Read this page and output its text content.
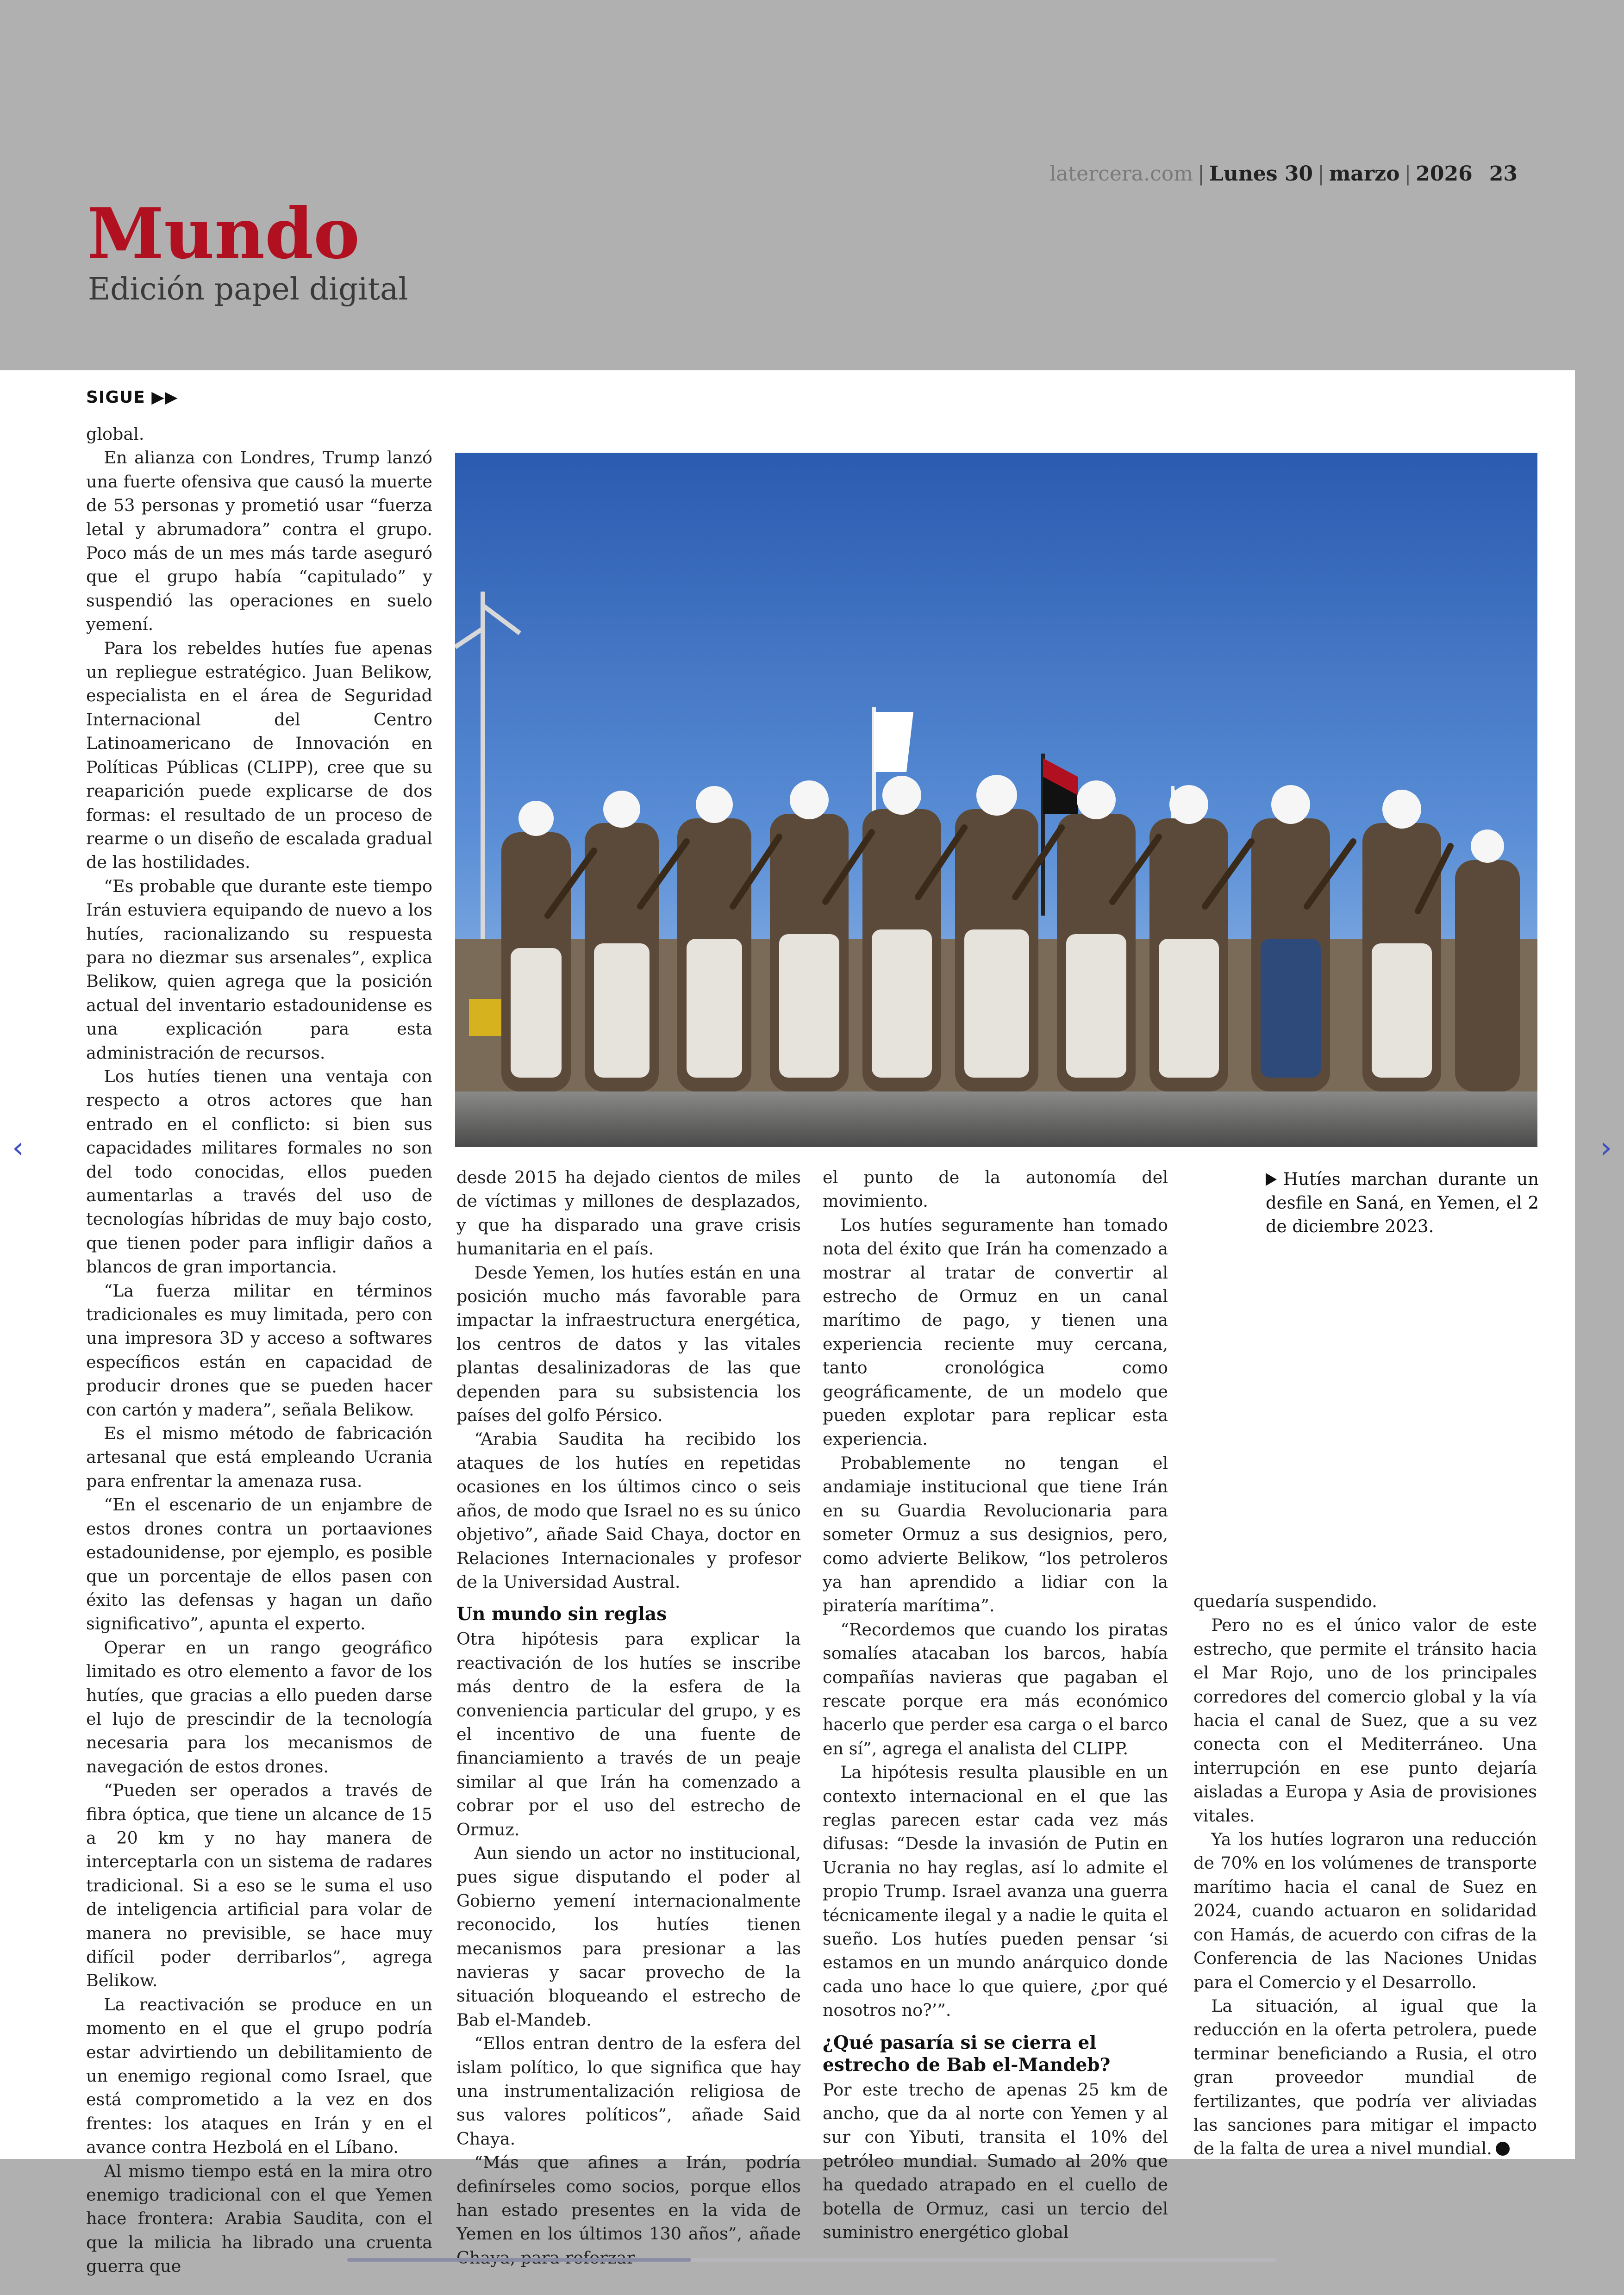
Mundo
Edición papel digital
latercera.com | Lunes 30 | marzo | 2026 23
SIGUE ▶▶

global.

En alianza con Londres, Trump lanzó una fuerte ofensiva que causó la muerte de 53 personas y prometió usar “fuerza letal y abrumadora” contra el grupo. Poco más de un mes más tarde aseguró que el grupo había “capitulado” y suspendió las operaciones en suelo yemení.

Para los rebeldes hutíes fue apenas un repliegue estratégico. Juan Belikow, especialista en el área de Seguridad Internacional del Centro Latinoamericano de Innovación en Políticas Públicas (CLIPP), cree que su reaparición puede explicarse de dos formas: el resultado de un proceso de rearme o un diseño de escalada gradual de las hostilidades.

“Es probable que durante este tiempo Irán estuviera equipando de nuevo a los hutíes, racionalizando su respuesta para no diezmar sus arsenales”, explica Belikow, quien agrega que la posición actual del inventario estadounidense es una explicación para esta administración de recursos.

Los hutíes tienen una ventaja con respecto a otros actores que han entrado en el conflicto: si bien sus capacidades militares formales no son del todo conocidas, ellos pueden aumentarlas a través del uso de tecnologías híbridas de muy bajo costo, que tienen poder para infligir daños a blancos de gran importancia.

“La fuerza militar en términos tradicionales es muy limitada, pero con una impresora 3D y acceso a softwares específicos están en capacidad de producir drones que se pueden hacer con cartón y madera”, señala Belikow.

Es el mismo método de fabricación artesanal que está empleando Ucrania para enfrentar la amenaza rusa.

“En el escenario de un enjambre de estos drones contra un portaaviones estadounidense, por ejemplo, es posible que un porcentaje de ellos pasen con éxito las defensas y hagan un daño significativo”, apunta el experto.

Operar en un rango geográfico limitado es otro elemento a favor de los hutíes, que gracias a ello pueden darse el lujo de prescindir de la tecnología necesaria para los mecanismos de navegación de estos drones.

“Pueden ser operados a través de fibra óptica, que tiene un alcance de 15 a 20 km y no hay manera de interceptarla con un sistema de radares tradicional. Si a eso se le suma el uso de inteligencia artificial para volar de manera no previsible, se hace muy difícil poder derribarlos”, agrega Belikow.

La reactivación se produce en un momento en el que el grupo podría estar advirtiendo un debilitamiento de un enemigo regional como Israel, que está comprometido a la vez en dos frentes: los ataques en Irán y en el avance contra Hezbolá en el Líbano.

Al mismo tiempo está en la mira otro enemigo tradicional con el que Yemen hace frontera: Arabia Saudita, con el que la milicia ha librado una cruenta guerra que

Hutíes marchan durante un desfile en Saná, en Yemen, el 2 de diciembre 2023.

desde 2015 ha dejado cientos de miles de víctimas y millones de desplazados, y que ha disparado una grave crisis humanitaria en el país.

Desde Yemen, los hutíes están en una posición mucho más favorable para impactar la infraestructura energética, los centros de datos y las vitales plantas desalinizadoras de las que dependen para su subsistencia los países del golfo Pérsico.

“Arabia Saudita ha recibido los ataques de los hutíes en repetidas ocasiones en los últimos cinco o seis años, de modo que Israel no es su único objetivo”, añade Said Chaya, doctor en Relaciones Internacionales y profesor de la Universidad Austral.

Un mundo sin reglas

Otra hipótesis para explicar la reactivación de los hutíes se inscribe más dentro de la esfera de la conveniencia particular del grupo, y es el incentivo de una fuente de financiamiento a través de un peaje similar al que Irán ha comenzado a cobrar por el uso del estrecho de Ormuz.

Aun siendo un actor no institucional, pues sigue disputando el poder al Gobierno yemení internacionalmente reconocido, los hutíes tienen mecanismos para presionar a las navieras y sacar provecho de la situación bloqueando el estrecho de Bab el-Mandeb.

“Ellos entran dentro de la esfera del islam político, lo que significa que hay una instrumentalización religiosa de sus valores políticos”, añade Said Chaya.

“Más que afines a Irán, podría definírseles como socios, porque ellos han estado presentes en la vida de Yemen en los últimos 130 años”, añade

el punto de la autonomía del movimiento.

Los hutíes seguramente han tomado nota del éxito que Irán ha comenzado a mostrar al tratar de convertir al estrecho de Ormuz en un canal marítimo de pago, y tienen una experiencia reciente muy cercana, tanto cronológica como geográficamente, de un modelo que pueden explotar para replicar esta experiencia.

Probablemente no tengan el andamiaje institucional que tiene Irán en su Guardia Revolucionaria para someter Ormuz a sus designios, pero, como advierte Belikow, “los petroleros ya han aprendido a lidiar con la piratería marítima”.

“Recordemos que cuando los piratas somalíes atacaban los barcos, había compañías navieras que pagaban el rescate porque era más económico hacerlo que perder esa carga o el barco en sí”, agrega el analista del CLIPP.

La hipótesis resulta plausible en un contexto internacional en el que las reglas parecen estar cada vez más difusas: “Desde la invasión de Putin en Ucrania no hay reglas, así lo admite el propio Trump. Israel avanza una guerra técnicamente ilegal y a nadie le quita el sueño. Los hutíes pueden pensar ‘si estamos en un mundo anárquico donde cada uno hace lo que quiere, ¿por qué nosotros no?’”.

¿Qué pasaría si se cierra el estrecho de Bab el-Mandeb?

Por este trecho de apenas 25 km de ancho, que da al norte con Yemen y al sur con Yibuti, transita el 10% del petróleo mundial. Sumado al 20% que ha quedado atrapado en el cuello de botella de Ormuz, casi un tercio del suministro energético global

quedaría suspendido.

Pero no es el único valor de este estrecho, que permite el tránsito hacia el Mar Rojo, uno de los principales corredores del comercio global y la vía hacia el canal de Suez, que a su vez conecta con el Mediterráneo. Una interrupción en ese punto dejaría aisladas a Europa y Asia de provisiones vitales.

Ya los hutíes lograron una reducción de 70% en los volúmenes de transporte marítimo hacia el canal de Suez en 2024, cuando actuaron en solidaridad con Hamás, de acuerdo con cifras de la Conferencia de las Naciones Unidas para el Comercio y el Desarrollo.

La situación, al igual que la reducción en la oferta petrolera, puede terminar beneficiando a Rusia, el otro gran proveedor mundial de fertilizantes, que podría ver aliviadas las sanciones para mitigar el impacto de la falta de urea a nivel mundial.

‹	›
